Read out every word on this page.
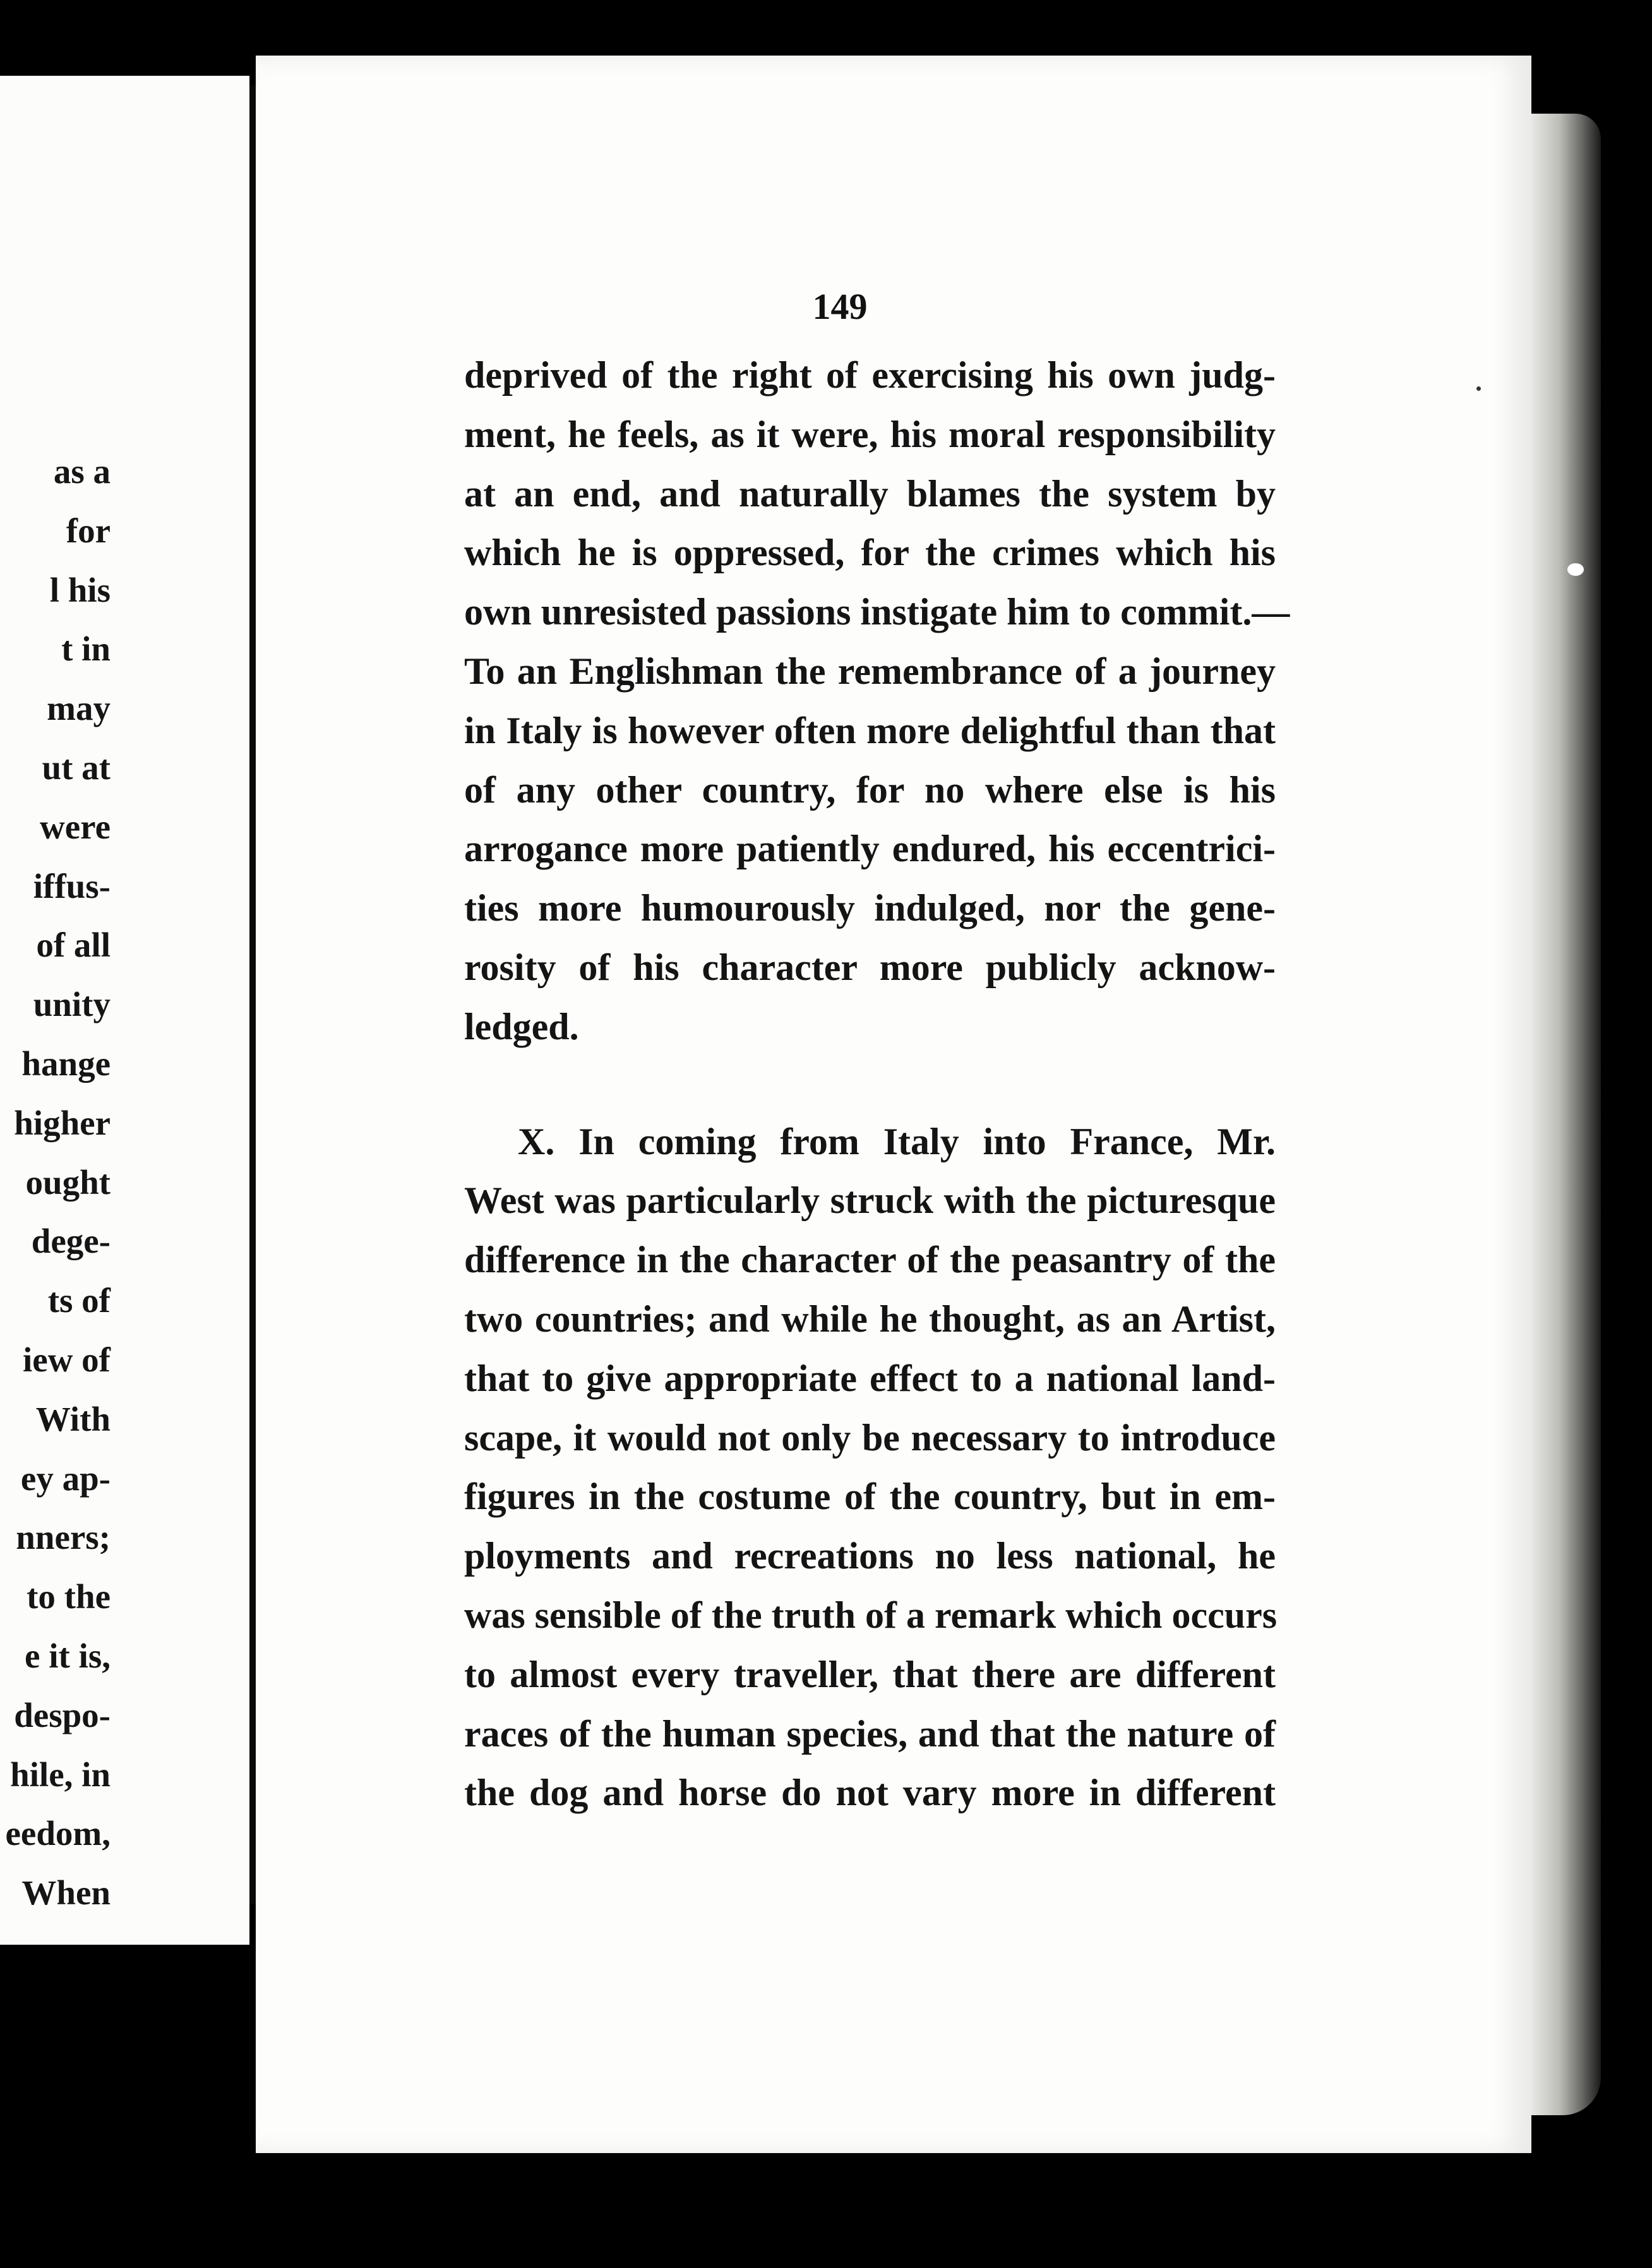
as a
for
l his
t in
may
ut at
were
iffus-
of all
unity
hange
higher
ought
dege-
ts of
iew of
With
ey ap-
nners;
to the
e it is,
despo-
hile, in
eedom,
When
149
deprived of the right of exercising his own judg-
ment, he feels, as it were, his moral responsibility
at an end, and naturally blames the system by
which he is oppressed, for the crimes which his
own unresisted passions instigate him to commit.—
To an Englishman the remembrance of a journey
in Italy is however often more delightful than that
of any other country, for no where else is his
arrogance more patiently endured, his eccentrici-
ties more humourously indulged, nor the gene-
rosity of his character more publicly acknow-
ledged.
X. In coming from Italy into France, Mr.
West was particularly struck with the picturesque
difference in the character of the peasantry of the
two countries; and while he thought, as an Artist,
that to give appropriate effect to a national land-
scape, it would not only be necessary to introduce
figures in the costume of the country, but in em-
ployments and recreations no less national, he
was sensible of the truth of a remark which occurs
to almost every traveller, that there are different
races of the human species, and that the nature of
the dog and horse do not vary more in different
